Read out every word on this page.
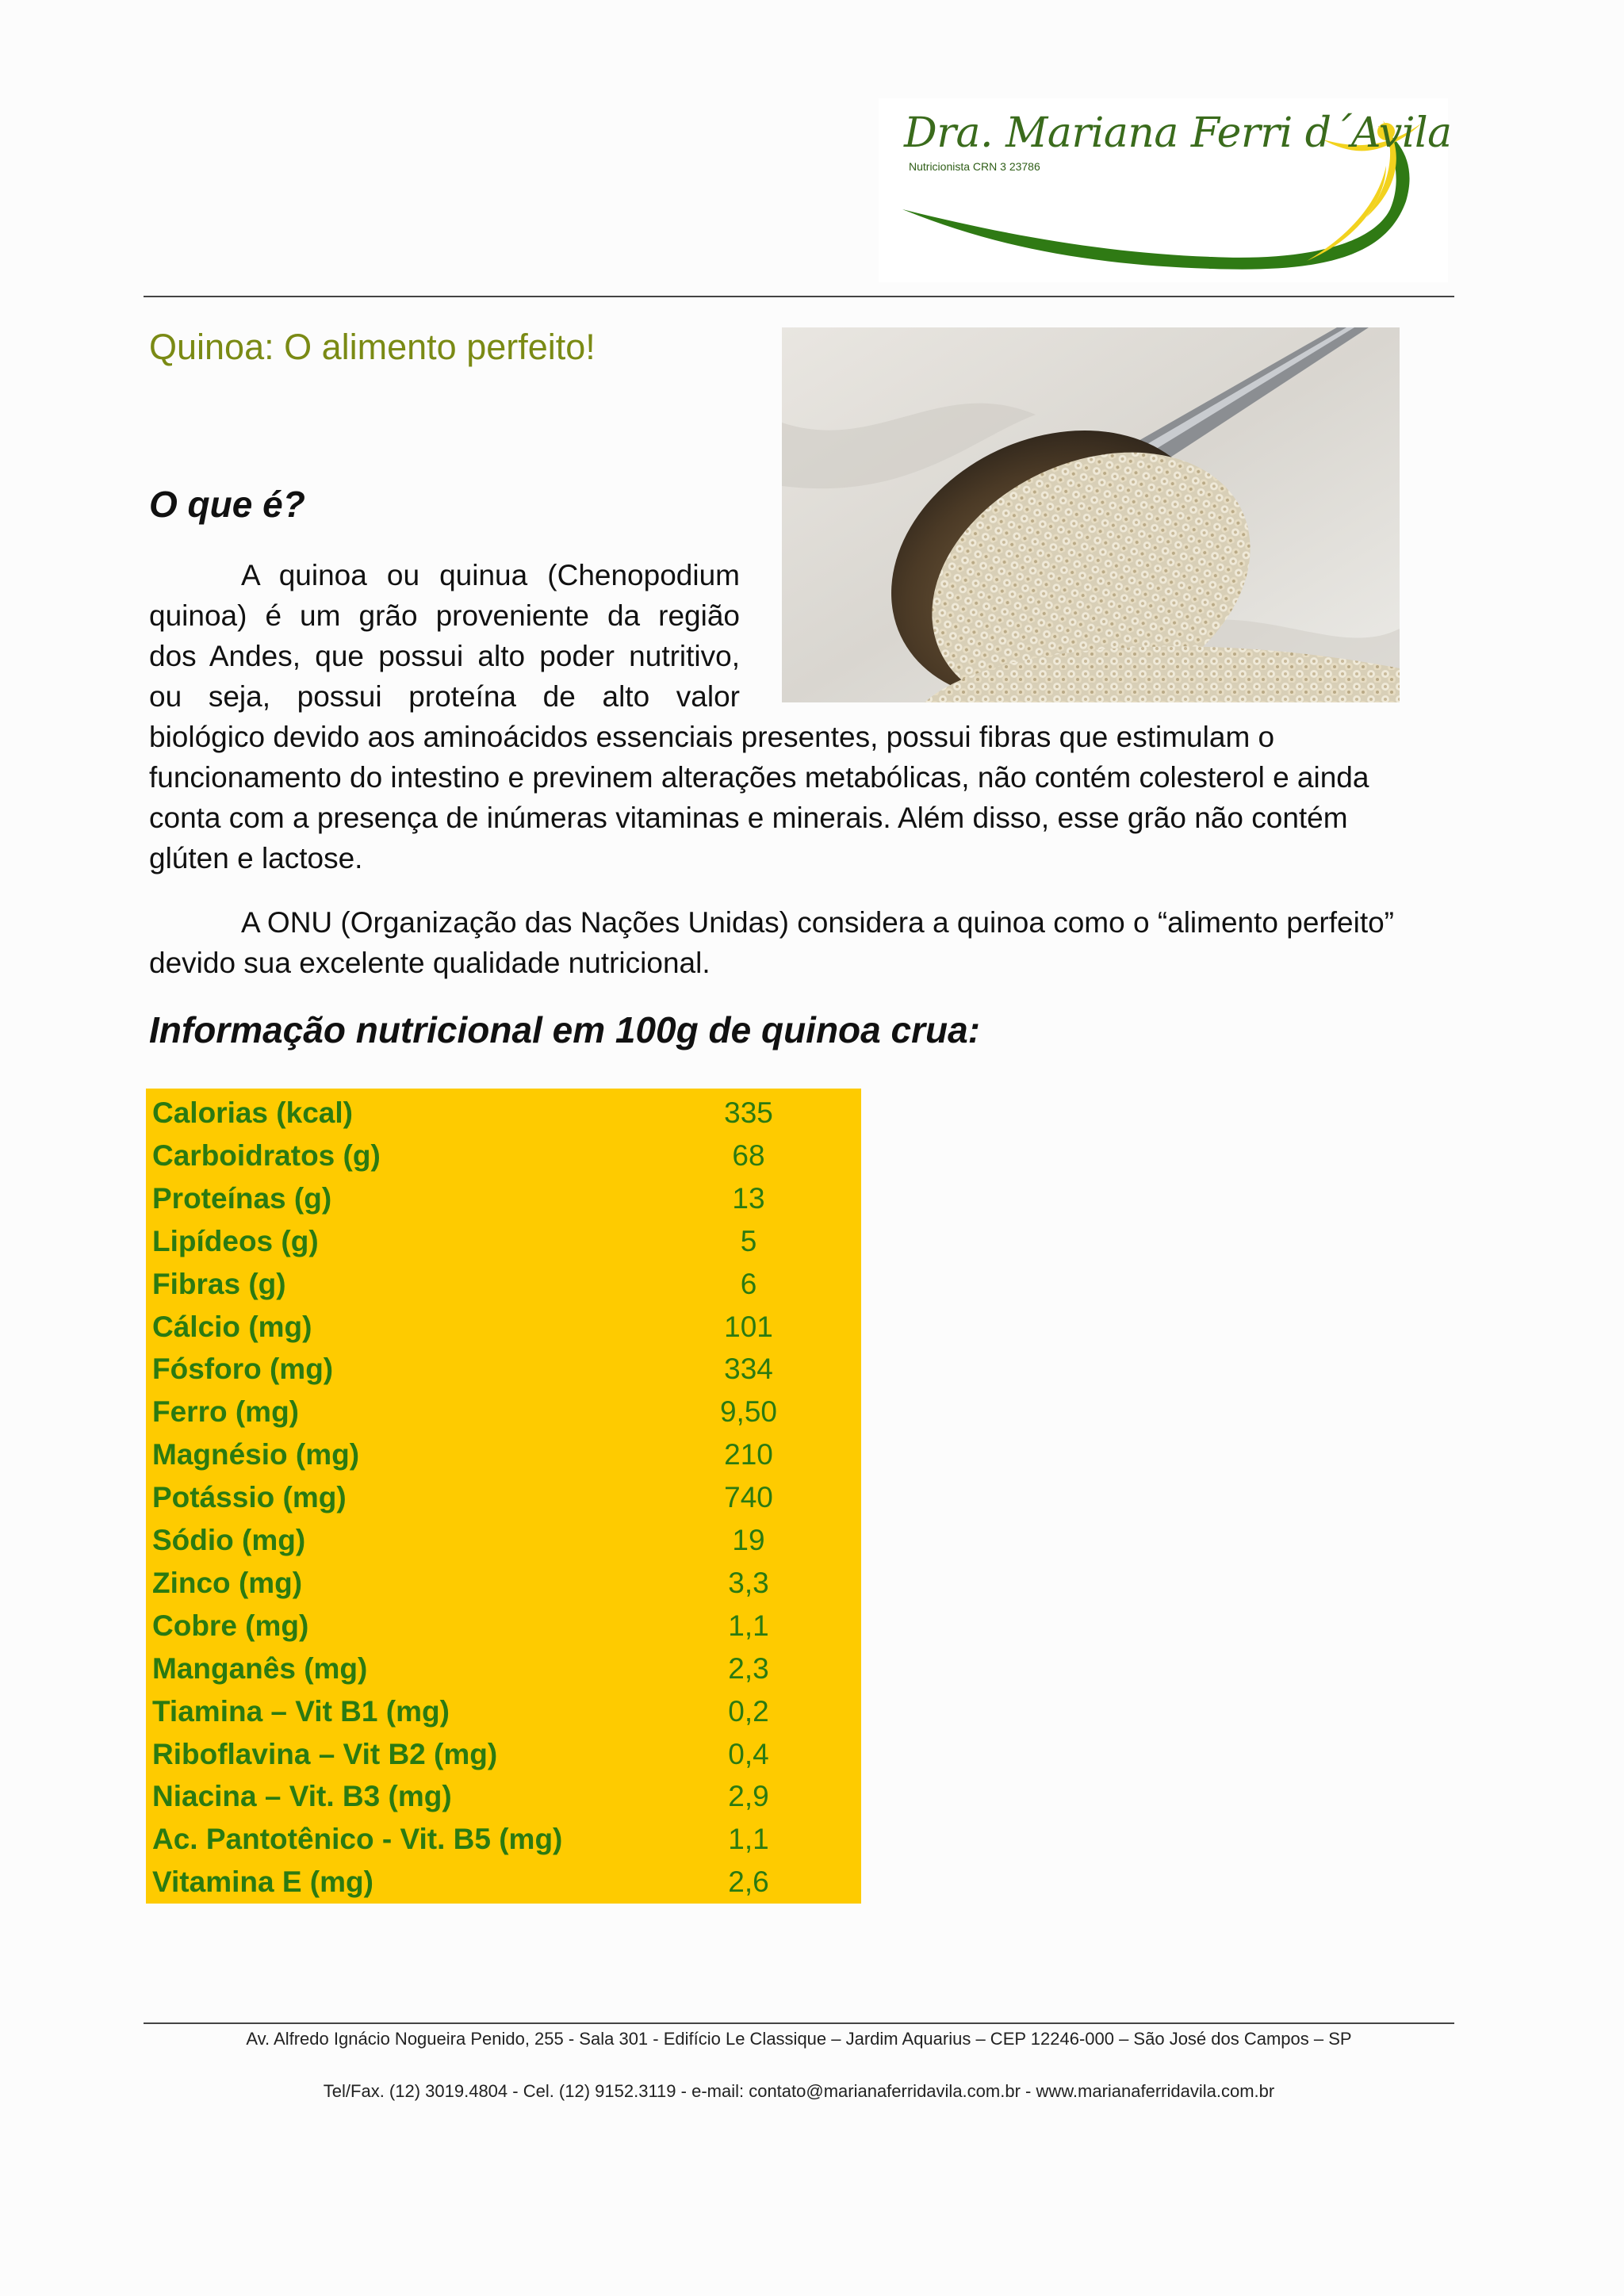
Dra. Mariana Ferri d´Avila
Nutricionista CRN 3 23786
Quinoa: O alimento perfeito!
O que é?

A quinoa ou quinua (Chenopodium
quinoa) é um grão proveniente da região
dos Andes, que possui alto poder nutritivo,
ou seja, possui proteína de alto valor

biológico devido aos aminoácidos essenciais presentes, possui fibras que estimulam o
funcionamento do intestino e previnem alterações metabólicas, não contém colesterol e ainda
conta com a presença de inúmeras vitaminas e minerais. Além disso, esse grão não contém
glúten e lactose.

A ONU (Organização das Nações Unidas) considera a quinoa como o “alimento perfeito”
devido sua excelente qualidade nutricional.

Informação nutricional em 100g de quinoa crua:
Calorias (kcal)	335
Carboidratos (g)	68
Proteínas (g)	13
Lipídeos (g)	5
Fibras (g)	6
Cálcio (mg)	101
Fósforo (mg)	334
Ferro (mg)	9,50
Magnésio (mg)	210
Potássio (mg)	740
Sódio (mg)	19
Zinco (mg)	3,3
Cobre (mg)	1,1
Manganês (mg)	2,3
Tiamina – Vit B1 (mg)	0,2
Riboflavina – Vit B2 (mg)	0,4
Niacina – Vit. B3 (mg)	2,9
Ac. Pantotênico - Vit. B5 (mg)	1,1
Vitamina E (mg)	2,6

Av. Alfredo Ignácio Nogueira Penido, 255 - Sala 301 - Edifício Le Classique – Jardim Aquarius – CEP 12246-000 – São José dos Campos – SP

Tel/Fax. (12) 3019.4804 - Cel. (12) 9152.3119 - e-mail: contato@marianaferridavila.com.br - www.marianaferridavila.com.br
